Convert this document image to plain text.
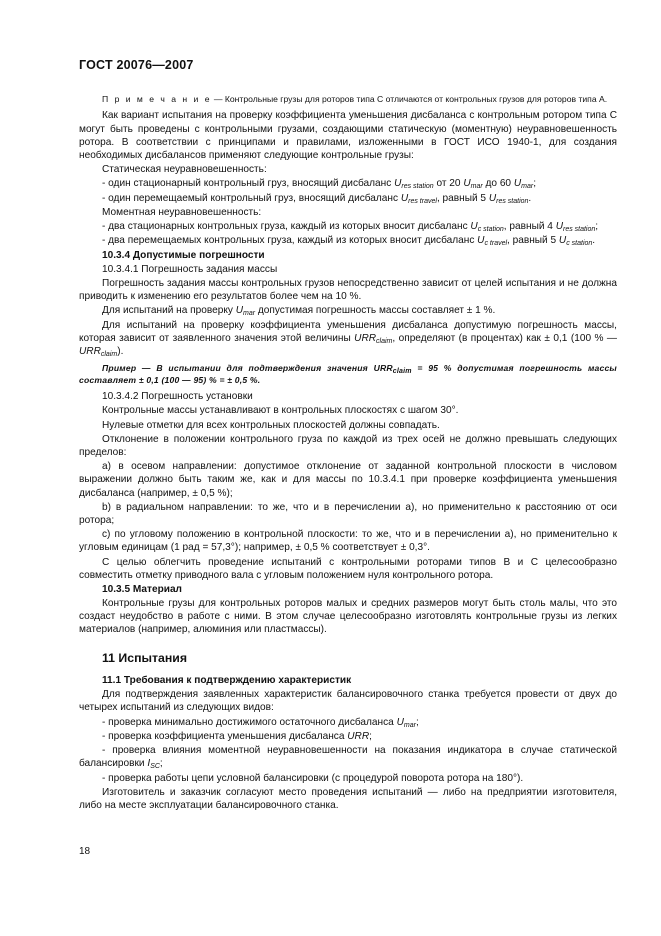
ГОСТ 20076—2007

П р и м е ч а н и е — Контрольные грузы для роторов типа С отличаются от контрольных грузов для роторов типа А.

Как вариант испытания на проверку коэффициента уменьшения дисбаланса с контрольным ротором типа С могут быть проведены с контрольными грузами, создающими статическую (моментную) неуравновешенность ротора. В соответствии с принципами и правилами, изложенными в ГОСТ ИСО 1940-1, для создания необходимых дисбалансов применяют следующие контрольные грузы:

Статическая неуравновешенность:

- один стационарный контрольный груз, вносящий дисбаланс $U_{res station}$ от 20 $U_{mar}$ до 60 $U_{mar}$;

- один перемещаемый контрольный груз, вносящий дисбаланс $U_{res travel}$, равный 5 $U_{res station}$.

Моментная неуравновешенность:

- два стационарных контрольных груза, каждый из которых вносит дисбаланс $U_{c station}$, равный 4 $U_{res station}$;

- два перемещаемых контрольных груза, каждый из которых вносит дисбаланс $U_{c travel}$, равный 5 $U_{c station}$.

10.3.4 Допустимые погрешности

10.3.4.1 Погрешность задания массы

Погрешность задания массы контрольных грузов непосредственно зависит от целей испытания и не должна приводить к изменению его результатов более чем на 10 %.

Для испытаний на проверку $U_{mar}$ допустимая погрешность массы составляет ± 1 %.

Для испытаний на проверку коэффициента уменьшения дисбаланса допустимую погрешность массы, которая зависит от заявленного значения этой величины $URR_{claim}$, определяют (в процентах) как ± 0,1 (100 % — $URR_{claim}$).

Пример — В испытании для подтверждения значения $URR_{claim} = 95$ % допустимая погрешность массы составляет ± 0,1 (100 — 95) % = ± 0,5 %.

10.3.4.2 Погрешность установки

Контрольные массы устанавливают в контрольных плоскостях с шагом 30°.

Нулевые отметки для всех контрольных плоскостей должны совпадать.

Отклонение в положении контрольного груза по каждой из трех осей не должно превышать следующих пределов:

а) в осевом направлении: допустимое отклонение от заданной контрольной плоскости в числовом выражении должно быть таким же, как и для массы по 10.3.4.1 при проверке коэффициента уменьшения дисбаланса (например, ± 0,5 %);

b) в радиальном направлении: то же, что и в перечислении а), но применительно к расстоянию от оси ротора;

с) по угловому положению в контрольной плоскости: то же, что и в перечислении а), но применительно к угловым единицам (1 рад = 57,3°); например, ± 0,5 % соответствует ± 0,3°.

С целью облегчить проведение испытаний с контрольными роторами типов В и С целесообразно совместить отметку приводного вала с угловым положением нуля контрольного ротора.

10.3.5 Материал

Контрольные грузы для контрольных роторов малых и средних размеров могут быть столь малы, что это создаст неудобство в работе с ними. В этом случае целесообразно изготовлять контрольные грузы из легких материалов (например, алюминия или пластмассы).

11 Испытания
11.1 Требования к подтверждению характеристик

Для подтверждения заявленных характеристик балансировочного станка требуется провести от двух до четырех испытаний из следующих видов:

- проверка минимально достижимого остаточного дисбаланса $U_{mar}$;

- проверка коэффициента уменьшения дисбаланса URR;

- проверка влияния моментной неуравновешенности на показания индикатора в случае статической балансировки $I_{SC}$;

- проверка работы цепи условной балансировки (с процедурой поворота ротора на 180°).

Изготовитель и заказчик согласуют место проведения испытаний — либо на предприятии изготовителя, либо на месте эксплуатации балансировочного станка.

18
